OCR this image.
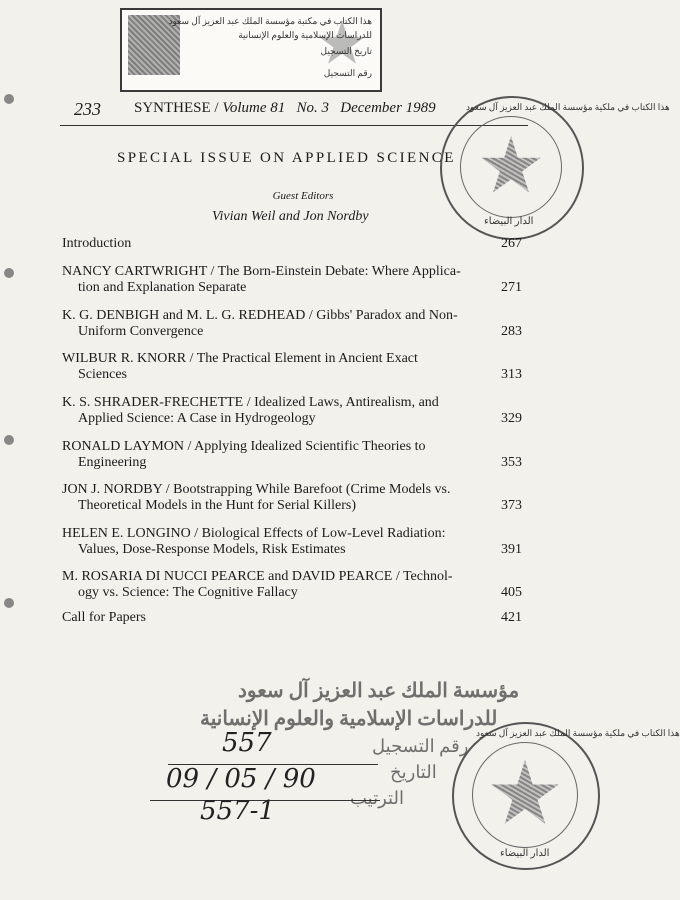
هذا الكتاب في مكتبة مؤسسة الملك عبد العزيز آل سعود
للدراسات الإسلامية والعلوم الإنسانية
تاريخ التسجيل
رقم التسجيل
233 SYNTHESE / Volume 81 No. 3 December 1989	هذا الكتاب في ملكية مؤسسة الملك عبد العزيز آل سعود
الدار البيضاء
SPECIAL ISSUE ON APPLIED SCIENCE
Guest Editors
Vivian Weil and Jon Nordby
Introduction	267
NANCY CARTWRIGHT / The Born-Einstein Debate: Where Applica-
tion and Explanation Separate	271
K. G. DENBIGH and M. L. G. REDHEAD / Gibbs' Paradox and Non-
Uniform Convergence	283
WILBUR R. KNORR / The Practical Element in Ancient Exact
Sciences	313
K. S. SHRADER-FRECHETTE / Idealized Laws, Antirealism, and
Applied Science: A Case in Hydrogeology	329
RONALD LAYMON / Applying Idealized Scientific Theories to
Engineering	353
JON J. NORDBY / Bootstrapping While Barefoot (Crime Models vs.
Theoretical Models in the Hunt for Serial Killers)	373
HELEN E. LONGINO / Biological Effects of Low-Level Radiation:
Values, Dose-Response Models, Risk Estimates	391
M. ROSARIA DI NUCCI PEARCE and DAVID PEARCE / Technol-
ogy vs. Science: The Cognitive Fallacy	405
Call for Papers	421
مؤسسة الملك عبد العزيز آل سعود
للدراسات الإسلامية والعلوم الإنسانية
رقم التسجيل
التاريخ
الترتيب
557
09 / 05 / 90
557-1
هذا الكتاب في ملكية مؤسسة الملك عبد العزيز آل سعود
الدار البيضاء
